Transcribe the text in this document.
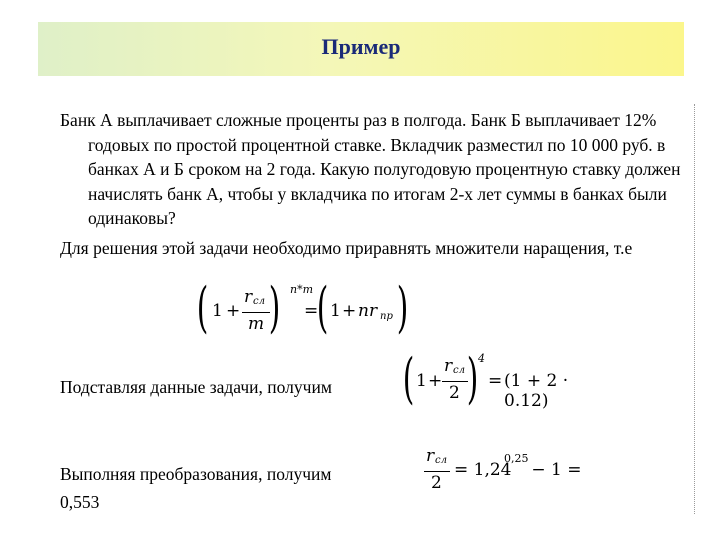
Пример

Банк А выплачивает сложные проценты раз в полгода. Банк Б выплачивает 12% годовых по простой процентной ставке. Вкладчик разместил по 10 000 руб. в банках А и Б сроком на 2 года. Какую полугодовую процентную ставку должен начислять банк А, чтобы у вкладчика по итогам 2-х лет суммы в банках были одинаковы?

Для решения этой задачи необходимо приравнять множители наращения, т.е

( 1 +
r сл
m ) n*m
=
( 1 + nr пр )
Подставляя данные задачи, получим ( 1 +
r сл
2 ) 4
= (1 + 2 · 0.12)
Выполняя преобразования, получим
0,553
r сл
2
= 1,24
0,25
− 1 =
